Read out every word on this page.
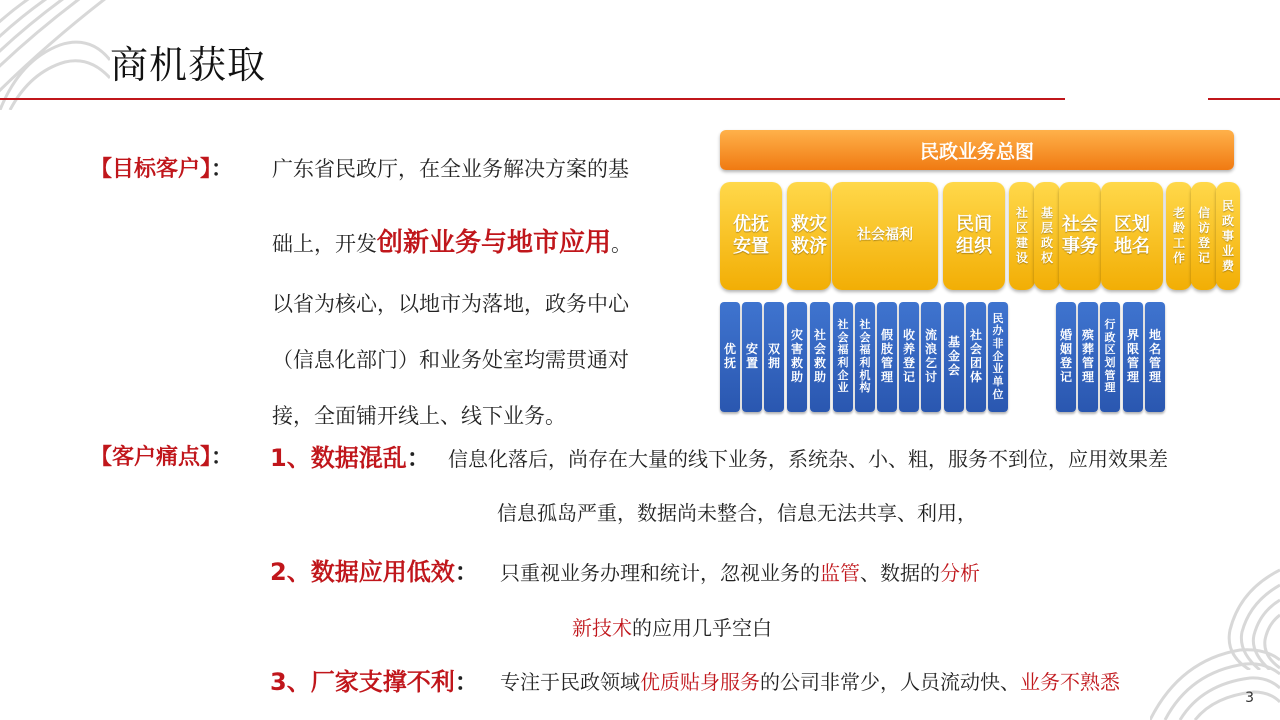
商机获取
【目标客户】： 广东省民政厅，在全业务解决方案的基
础上，开发创新业务与地市应用。
以省为核心，以地市为落地，政务中心
（信息化部门）和业务处室均需贯通对
接，全面铺开线上、线下业务。
【客户痛点】： 1、数据混乱： 信息化落后，尚存在大量的线下业务，系统杂、小、粗，服务不到位，应用效果差
信息孤岛严重，数据尚未整合，信息无法共享、利用，
2、数据应用低效： 只重视业务办理和统计，忽视业务的监管、数据的分析
新技术的应用几乎空白
3、厂家支撑不利： 专注于民政领域优质贴身服务的公司非常少，人员流动快、业务不熟悉
3
民政业务总图
优抚安置
救灾救济
社会福利
民间组织
社区建设
基层政权
社会事务
区划地名
老龄工作
信访登记
民政事业费
优抚
安置
双拥
灾害救助
社会救助
社会福利企业
社会福利机构
假肢管理
收养登记
流浪乞讨
基金会
社会团体
民办非企业单位
婚姻登记
殡葬管理
行政区划管理
界限管理
地名管理
